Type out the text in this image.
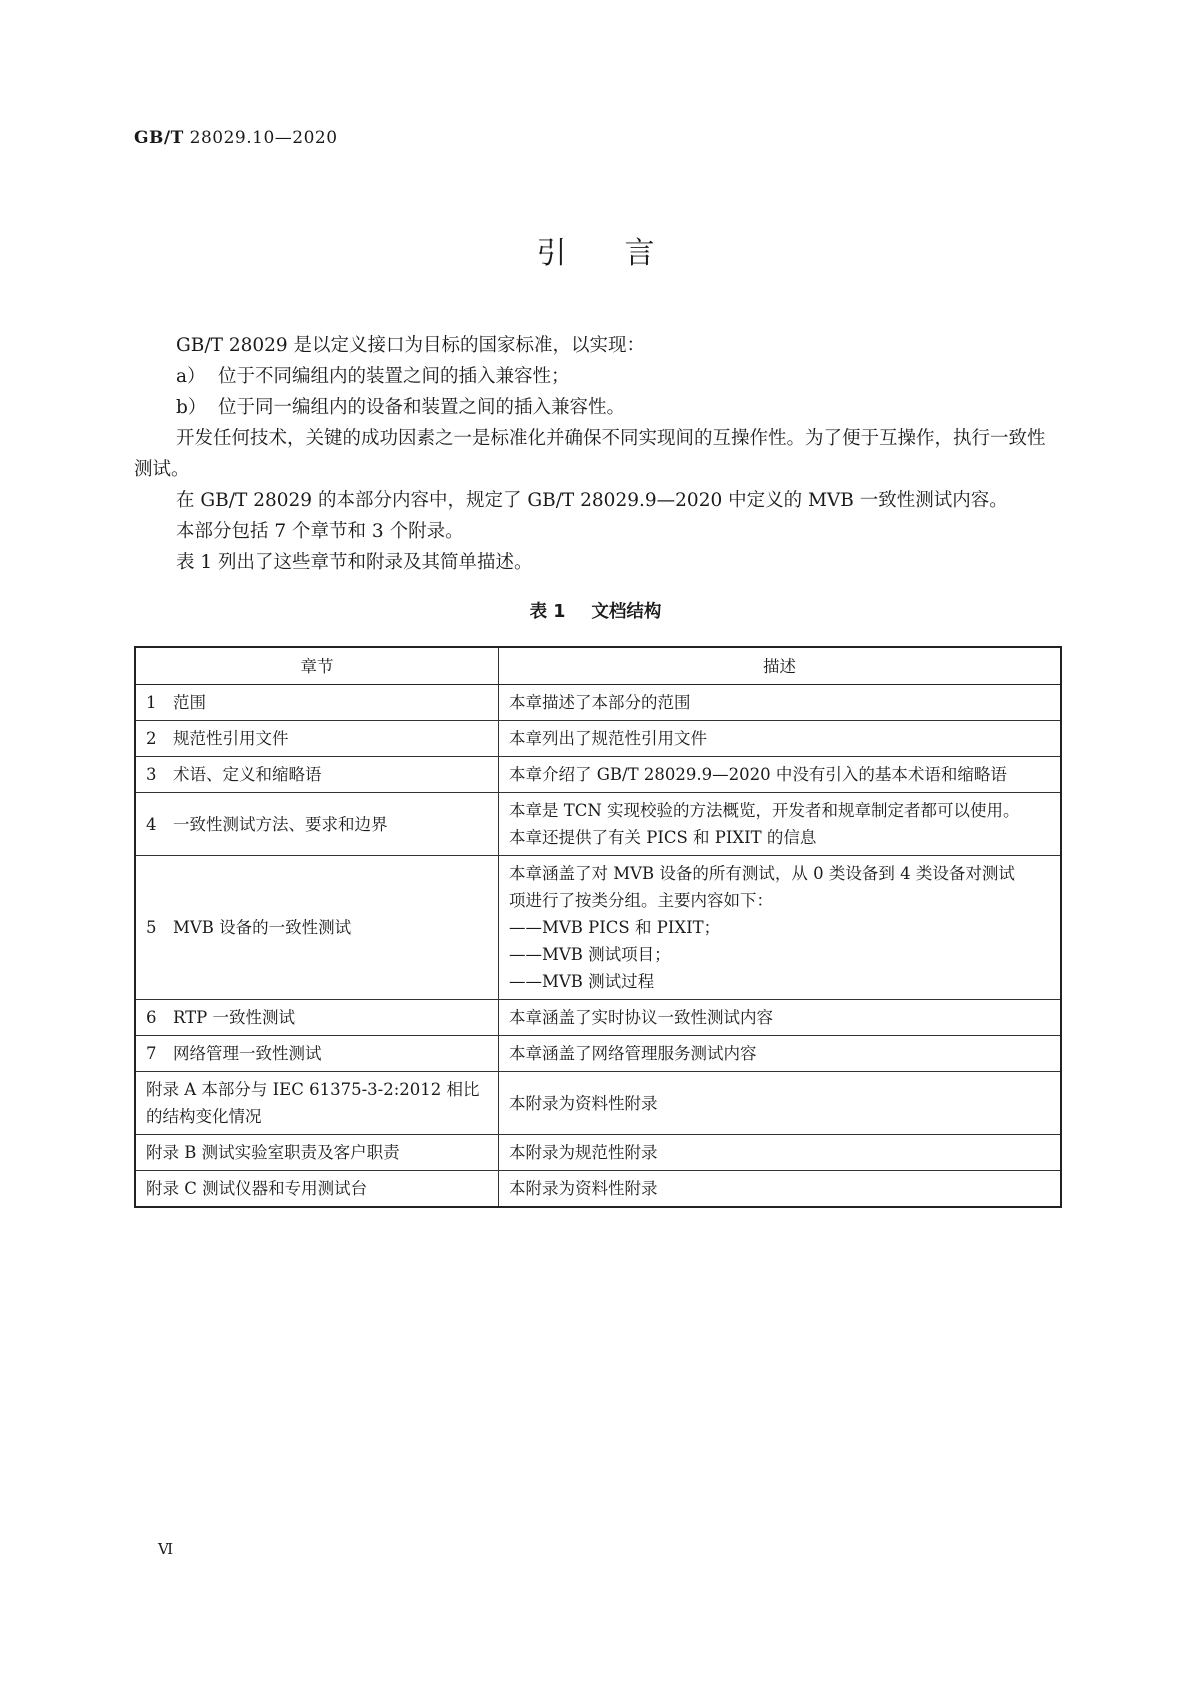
GB/T 28029.10—2020
引言

GB/T 28029 是以定义接口为目标的国家标准，以实现：

a） 位于不同编组内的装置之间的插入兼容性；

b） 位于同一编组内的设备和装置之间的插入兼容性。

开发任何技术，关键的成功因素之一是标准化并确保不同实现间的互操作性。为了便于互操作，执行一致性测试。

在 GB/T 28029 的本部分内容中，规定了 GB/T 28029.9—2020 中定义的 MVB 一致性测试内容。

本部分包括 7 个章节和 3 个附录。

表 1 列出了这些章节和附录及其简单描述。

表 1 文档结构
章节	描述
1 范围	本章描述了本部分的范围

2 规范性引用文件	本章列出了规范性引用文件

3 术语、定义和缩略语	本章介绍了 GB/T 28029.9—2020 中没有引入的基本术语和缩略语

4 一致性测试方法、要求和边界	本章是 TCN 实现校验的方法概览，开发者和规章制定者都可以使用。
本章还提供了有关 PICS 和 PIXIT 的信息

5 MVB 设备的一致性测试	本章涵盖了对 MVB 设备的所有测试，从 0 类设备到 4 类设备对测试
项进行了按类分组。主要内容如下：
——MVB PICS 和 PIXIT；
——MVB 测试项目；
——MVB 测试过程

6 RTP 一致性测试	本章涵盖了实时协议一致性测试内容

7 网络管理一致性测试	本章涵盖了网络管理服务测试内容

附录 A 本部分与 IEC 61375-3-2:2012 相比的结构变化情况	本附录为资料性附录

附录 B 测试实验室职责及客户职责	本附录为规范性附录

附录 C 测试仪器和专用测试台	本附录为资料性附录
Ⅵ
